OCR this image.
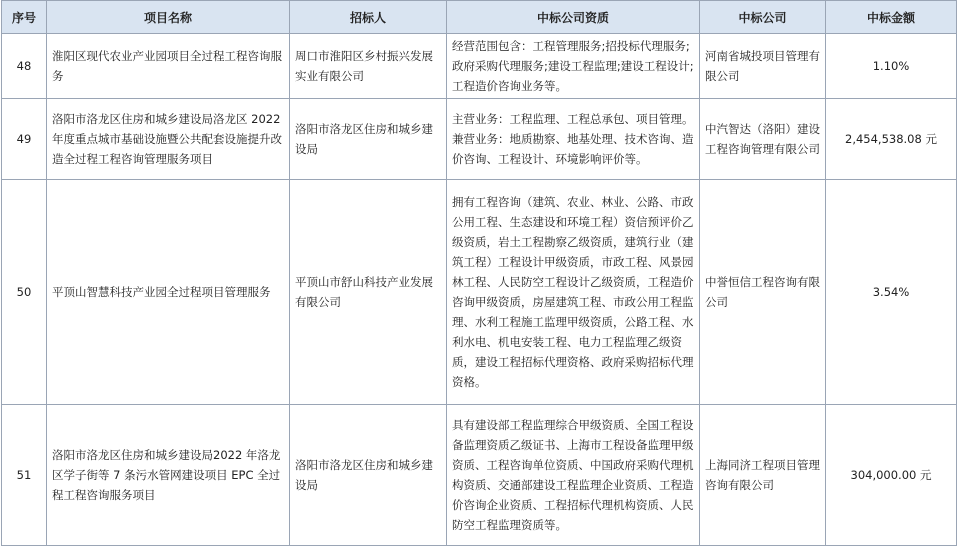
序号	项目名称	招标人	中标公司资质	中标公司	中标金额
48	淮阳区现代农业产业园项目全过程工程咨询服务	周口市淮阳区乡村振兴发展实业有限公司	经营范围包含：工程管理服务;招投标代理服务;政府采购代理服务;建设工程监理;建设工程设计;工程造价咨询业务等。	河南省城投项目管理有限公司	1.10%
49	洛阳市洛龙区住房和城乡建设局洛龙区 2022 年度重点城市基础设施暨公共配套设施提升改造全过程工程咨询管理服务项目	洛阳市洛龙区住房和城乡建设局	主营业务：工程监理、工程总承包、项目管理。兼营业务：地质勘察、地基处理、技术咨询、造价咨询、工程设计、环境影响评价等。	中汽智达（洛阳）建设工程咨询管理有限公司	2,454,538.08 元
50	平顶山智慧科技产业园全过程项目管理服务	平顶山市舒山科技产业发展有限公司	拥有工程咨询（建筑、农业、林业、公路、市政公用工程、生态建设和环境工程）资信预评价乙级资质，岩土工程勘察乙级资质，建筑行业（建筑工程）工程设计甲级资质，市政工程、风景园林工程、人民防空工程设计乙级资质，工程造价咨询甲级资质，房屋建筑工程、市政公用工程监理、水利工程施工监理甲级资质，公路工程、水利水电、机电安装工程、电力工程监理乙级资质，建设工程招标代理资格、政府采购招标代理资格。	中誉恒信工程咨询有限公司	3.54%
51	洛阳市洛龙区住房和城乡建设局2022 年洛龙区学子街等 7 条污水管网建设项目 EPC 全过程工程咨询服务项目	洛阳市洛龙区住房和城乡建设局	具有建设部工程监理综合甲级资质、全国工程设备监理资质乙级证书、上海市工程设备监理甲级资质、工程咨询单位资质、中国政府采购代理机构资质、交通部建设工程监理企业资质、工程造价咨询企业资质、工程招标代理机构资质、人民防空工程监理资质等。	上海同济工程项目管理咨询有限公司	304,000.00 元
